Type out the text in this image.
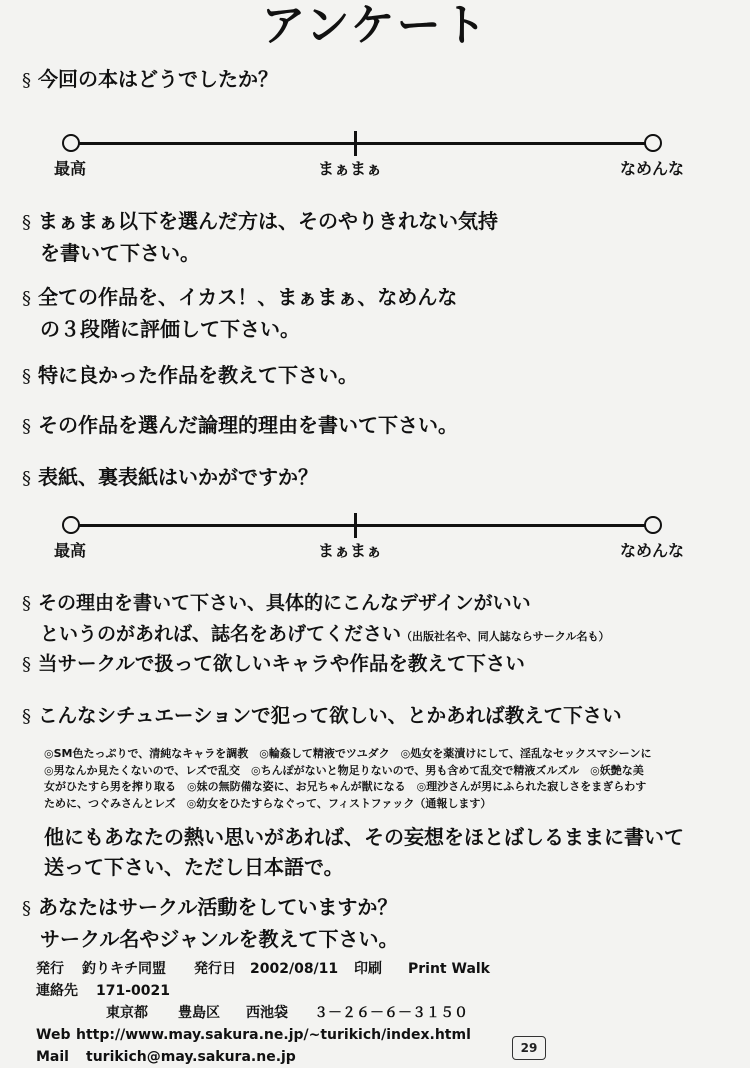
アンケート
§ 今回の本はどうでしたか？
最高	まぁまぁ	なめんな
§ まぁまぁ以下を選んだ方は、そのやりきれない気持
を書いて下さい。
§ 全ての作品を、イカス！、まぁまぁ、なめんな
の３段階に評価して下さい。
§ 特に良かった作品を教えて下さい。
§ その作品を選んだ論理的理由を書いて下さい。
§ 表紙、裏表紙はいかがですか？
最高	まぁまぁ	なめんな
§ その理由を書いて下さい、具体的にこんなデザインがいい
というのがあれば、誌名をあげてください（出版社名や、同人誌ならサークル名も）
§ 当サークルで扱って欲しいキャラや作品を教えて下さい
§ こんなシチュエーションで犯って欲しい、とかあれば教えて下さい
◎SM色たっぷりで、清純なキャラを調教　◎輪姦して精液でツユダク　◎処女を薬漬けにして、淫乱なセックスマシーンに
◎男なんか見たくないので、レズで乱交　◎ちんぽがないと物足りないので、男も含めて乱交で精液ズルズル　◎妖艶な美
女がひたすら男を搾り取る　◎妹の無防備な姿に、お兄ちゃんが獣になる　◎理沙さんが男にふられた寂しさをまぎらわす
ために、つぐみさんとレズ　◎幼女をひたすらなぐって、フィストファック（通報します）
他にもあなたの熱い思いがあれば、その妄想をほとばしるままに書いて
送って下さい、ただし日本語で。
§ あなたはサークル活動をしていますか？
サークル名やジャンルを教えて下さい。
発行 釣りキチ同盟 発行日 2002/08/11 印刷 Print Walk
連絡先 171-0021
東京都 豊島区 西池袋 ３－２６－６－３１５０
Web http://www.may.sakura.ne.jp/~turikich/index.html
Mail turikich@may.sakura.ne.jp
29
